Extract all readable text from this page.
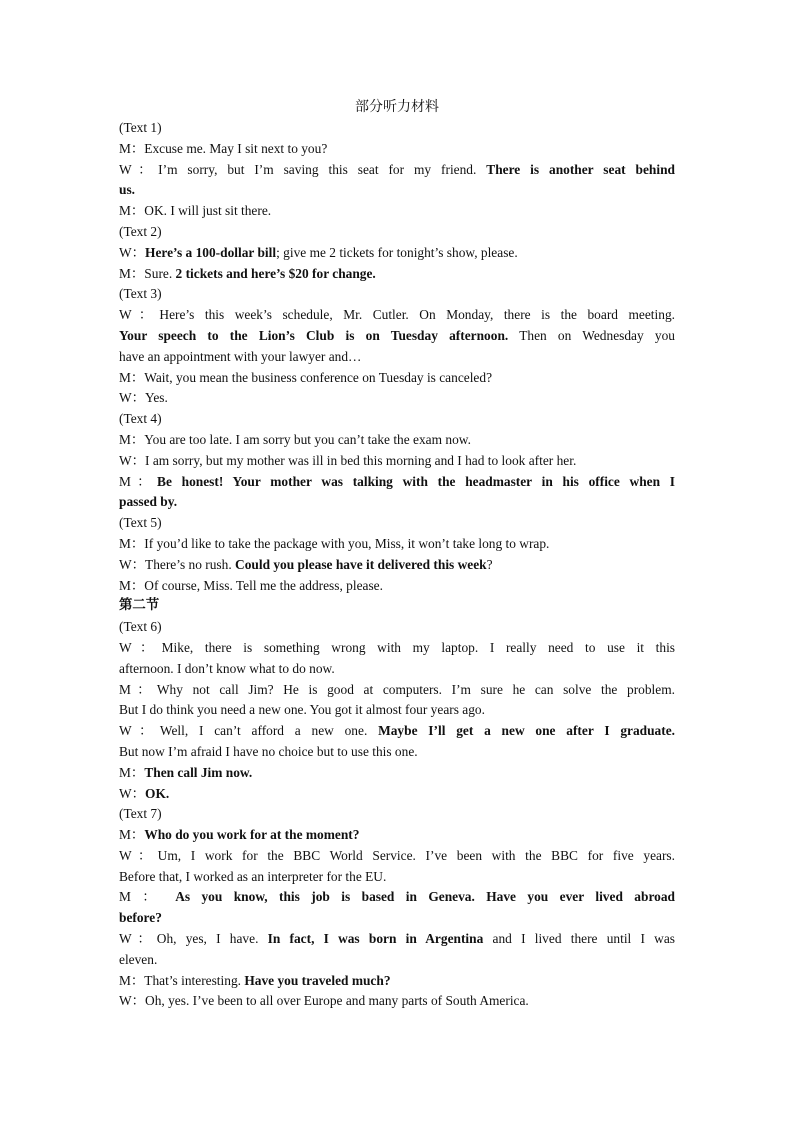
部分听力材料
(Text 1)
M：Excuse me. May I sit next to you?
W：I’m sorry, but I’m saving this seat for my friend. There is another seat behind
us.
M：OK. I will just sit there.
(Text 2)
W：Here’s a 100-dollar bill; give me 2 tickets for tonight’s show, please.
M：Sure. 2 tickets and here’s $20 for change.
(Text 3)
W：Here’s this week’s schedule, Mr. Cutler. On Monday, there is the board meeting.
Your speech to the Lion’s Club is on Tuesday afternoon. Then on Wednesday you
have an appointment with your lawyer and…
M：Wait, you mean the business conference on Tuesday is canceled?
W：Yes.
(Text 4)
M：You are too late. I am sorry but you can’t take the exam now.
W：I am sorry, but my mother was ill in bed this morning and I had to look after her.
M：Be honest! Your mother was talking with the headmaster in his office when I
passed by.
(Text 5)
M：If you’d like to take the package with you, Miss, it won’t take long to wrap.
W：There’s no rush. Could you please have it delivered this week?
M：Of course, Miss. Tell me the address, please.
第二节
(Text 6)
W：Mike, there is something wrong with my laptop. I really need to use it this
afternoon. I don’t know what to do now.
M：Why not call Jim? He is good at computers. I’m sure he can solve the problem.
But I do think you need a new one. You got it almost four years ago.
W：Well, I can’t afford a new one. Maybe I’ll get a new one after I graduate.
But now I’m afraid I have no choice but to use this one.
M：Then call Jim now.
W：OK.
(Text 7)
M：Who do you work for at the moment?
W：Um, I work for the BBC World Service. I’ve been with the BBC for five years.
Before that, I worked as an interpreter for the EU.
M ： As you know, this job is based in Geneva. Have you ever lived abroad
before?
W：Oh, yes, I have. In fact, I was born in Argentina and I lived there until I was
eleven.
M：That’s interesting. Have you traveled much?
W：Oh, yes. I’ve been to all over Europe and many parts of South America.
